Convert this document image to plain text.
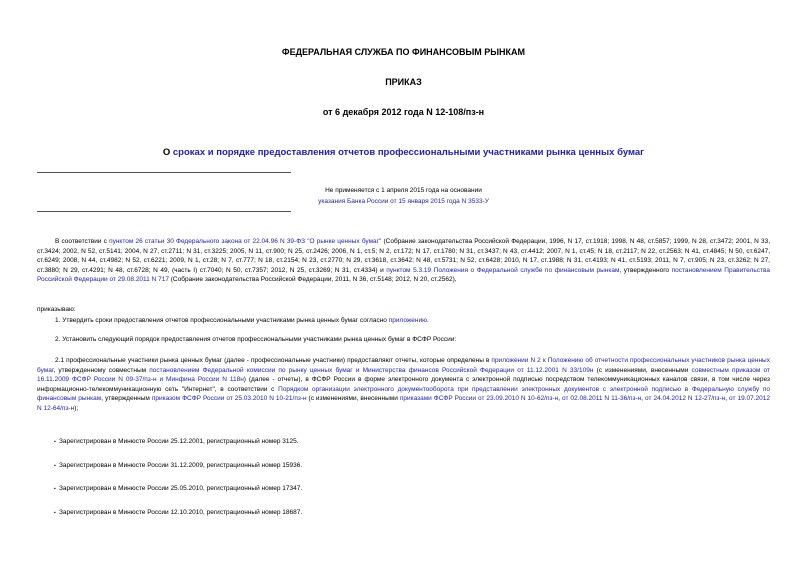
ФЕДЕРАЛЬНАЯ СЛУЖБА ПО ФИНАНСОВЫМ РЫНКАМ
ПРИКАЗ
от 6 декабря 2012 года N 12-108/пз-н
О сроках и порядке предоставления отчетов профессиональными участниками рынка ценных бумаг
Не применяется с 1 апреля 2015 года на основании
указания Банка России от 15 января 2015 года N 3533-У
В соответствии с пунктом 26 статьи 30 Федерального закона от 22.04.96 N 39-ФЗ "О рынке ценных бумаг" (Собрание законодательства Российской Федерации, 1996, N 17, ст.1918; 1998, N 48, ст.5857; 1999, N 28, ст.3472; 2001, N 33, ст.3424; 2002, N 52, ст.5141; 2004, N 27, ст.2711; N 31, ст.3225; 2005, N 11, ст.900; N 25, ст.2426; 2006, N 1, ст.5; N 2, ст.172; N 17, ст.1780; N 31, ст.3437; N 43, ст.4412; 2007, N 1, ст.45; N 18, ст.2117; N 22, ст.2563; N 41, ст.4845; N 50, ст.6247, ст.6249; 2008, N 44, ст.4982; N 52, ст.6221; 2009, N 1, ст.28; N 7, ст.777; N 18, ст.2154; N 23, ст.2770; N 29, ст.3618, ст.3642; N 48, ст.5731; N 52, ст.6428; 2010, N 17, ст.1988; N 31, ст.4193; N 41, ст.5193; 2011, N 7, ст.905; N 23, ст.3262; N 27, ст.3880; N 29, ст.4291; N 48, ст.6728; N 49, (часть I) ст.7040; N 50, ст.7357; 2012, N 25, ст.3269; N 31, ст.4334) и пунктом 5.3.19 Положения о Федеральной службе по финансовым рынкам, утвержденного постановлением Правительства Российской Федерации от 29.08.2011 N 717 (Собрание законодательства Российской Федерации, 2011, N 36, ст.5148; 2012, N 20, ст.2562),
приказываю:
1. Утвердить сроки предоставления отчетов профессиональными участниками рынка ценных бумаг согласно приложению.
2. Установить следующий порядок предоставления отчетов профессиональными участниками рынка ценных бумаг в ФСФР России:
2.1 профессиональные участники рынка ценных бумаг (далее - профессиональные участники) предоставляют отчеты, которые определены в приложении N 2 к Положению об отчетности профессиональных участников рынка ценных бумаг, утвержденному совместным постановлением Федеральной комиссии по рынку ценных бумаг и Министерства финансов Российской Федерации от 11.12.2001 N 33/109н (с изменениями, внесенными совместным приказом от 16.11.2009 ФСФР России N 09-37/пз-н и Минфина России N 118н) (далее - отчеты), в ФСФР России в форме электронного документа с электронной подписью посредством телекоммуникационных каналов связи, в том числе через информационно-телекоммуникационную сеть "Интернет", в соответствии с Порядком организации электронного документооборота при представлении электронных документов с электронной подписью в Федеральную службу по финансовым рынкам, утвержденным приказом ФСФР России от 25.03.2010 N 10-21/пз-н (с изменениями, внесенными приказами ФСФР России от 23.09.2010 N 10-62/пз-н, от 02.08.2011 N 11-36/пз-н, от 24.04.2012 N 12-27/пз-н, от 19.07.2012 N 12-64/пз-н);
▪ Зарегистрирован в Минюсте России 25.12.2001, регистрационный номер 3125.
▪ Зарегистрирован в Минюсте России 31.12.2009, регистрационный номер 15936.
▪ Зарегистрирован в Минюсте России 25.05.2010, регистрационный номер 17347.
▪ Зарегистрирован в Минюсте России 12.10.2010, регистрационный номер 18687.
